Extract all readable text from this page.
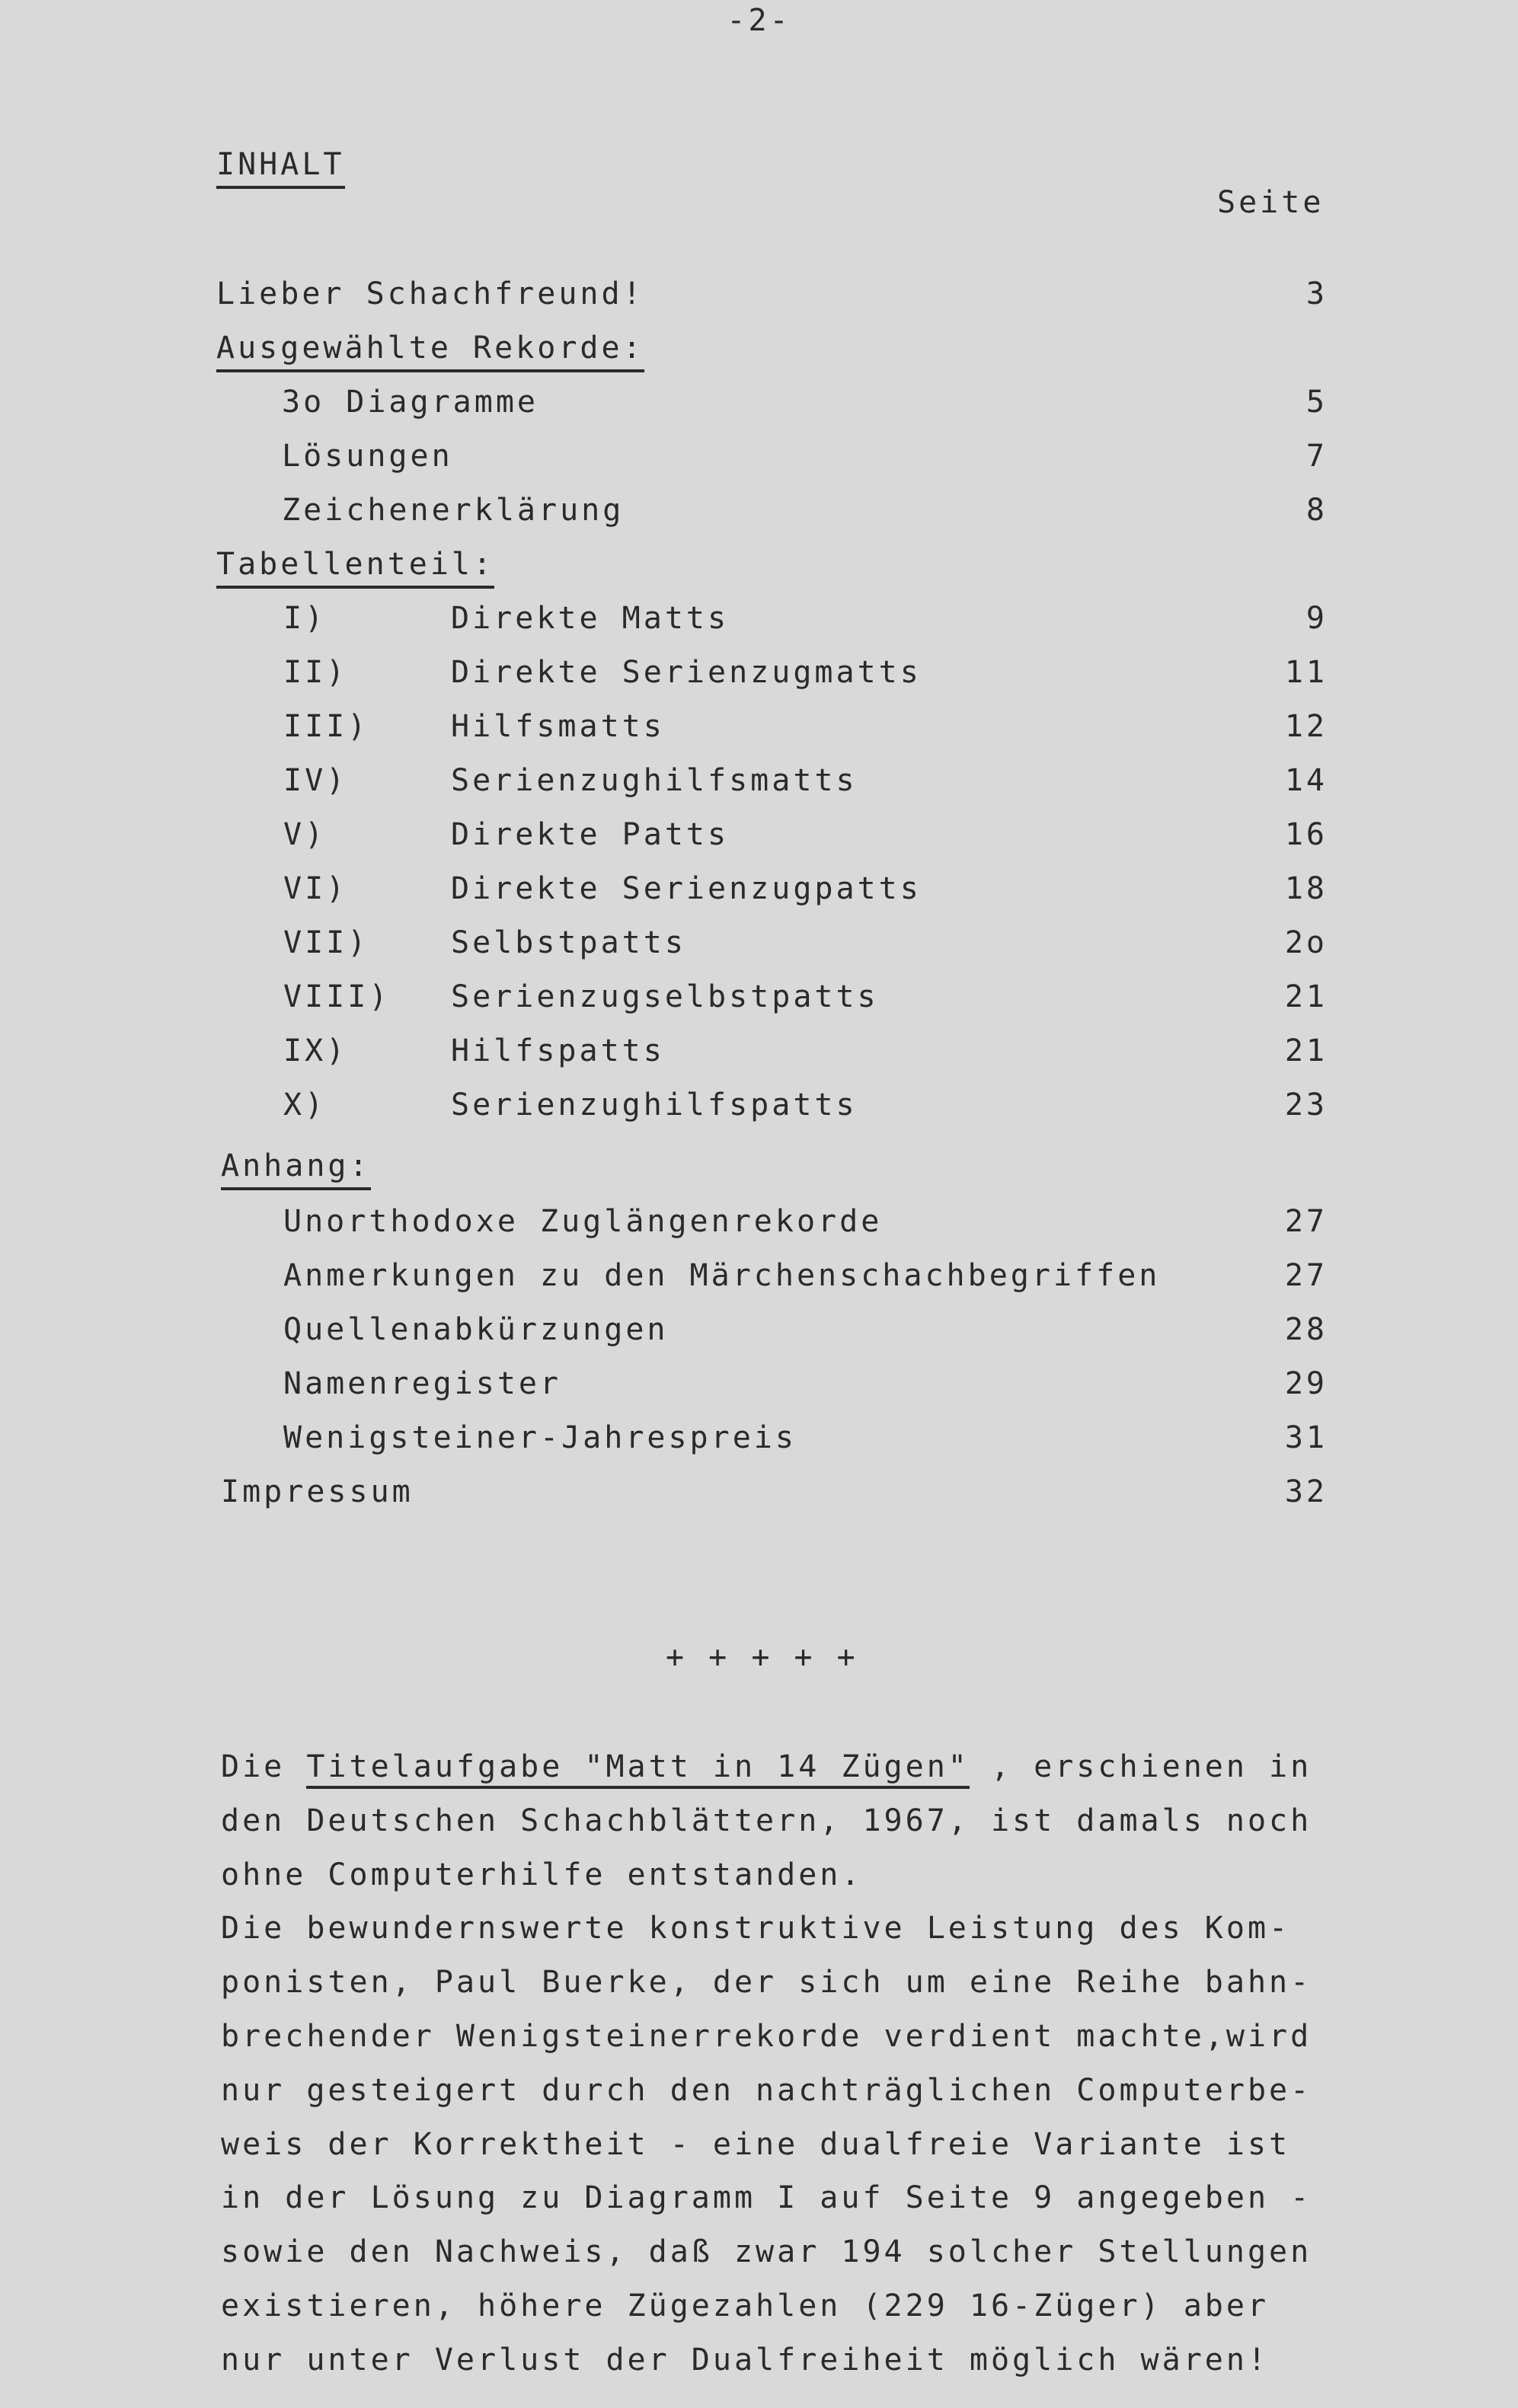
-2-
INHALT
Seite
Lieber Schachfreund!	3
Ausgewählte Rekorde:
3o Diagramme	5
Lösungen	7
Zeichenerklärung	8
Tabellenteil:
I)	Direkte Matts	9
II)	Direkte Serienzugmatts	11
III)	Hilfsmatts	12
IV)	Serienzughilfsmatts	14
V)	Direkte Patts	16
VI)	Direkte Serienzugpatts	18
VII)	Selbstpatts	2o
VIII) Serienzugselbstpatts	21
IX)	Hilfspatts	21
X)	Serienzughilfspatts	23
Anhang:
Unorthodoxe Zuglängenrekorde	27
Anmerkungen zu den Märchenschachbegriffen	27
Quellenabkürzungen	28
Namenregister	29
Wenigsteiner-Jahrespreis	31
Impressum	32
+ + + + +
Die Titelaufgabe "Matt in 14 Zügen" , erschienen in
den Deutschen Schachblättern, 1967, ist damals noch
ohne Computerhilfe entstanden.
Die bewundernswerte konstruktive Leistung des Kom-
ponisten, Paul Buerke, der sich um eine Reihe bahn-
brechender Wenigsteinerrekorde verdient machte,wird
nur gesteigert durch den nachträglichen Computerbe-
weis der Korrektheit - eine dualfreie Variante ist
in der Lösung zu Diagramm I auf Seite 9 angegeben -
sowie den Nachweis, daß zwar 194 solcher Stellungen
existieren, höhere Zügezahlen (229 16-Züger) aber
nur unter Verlust der Dualfreiheit möglich wären!
